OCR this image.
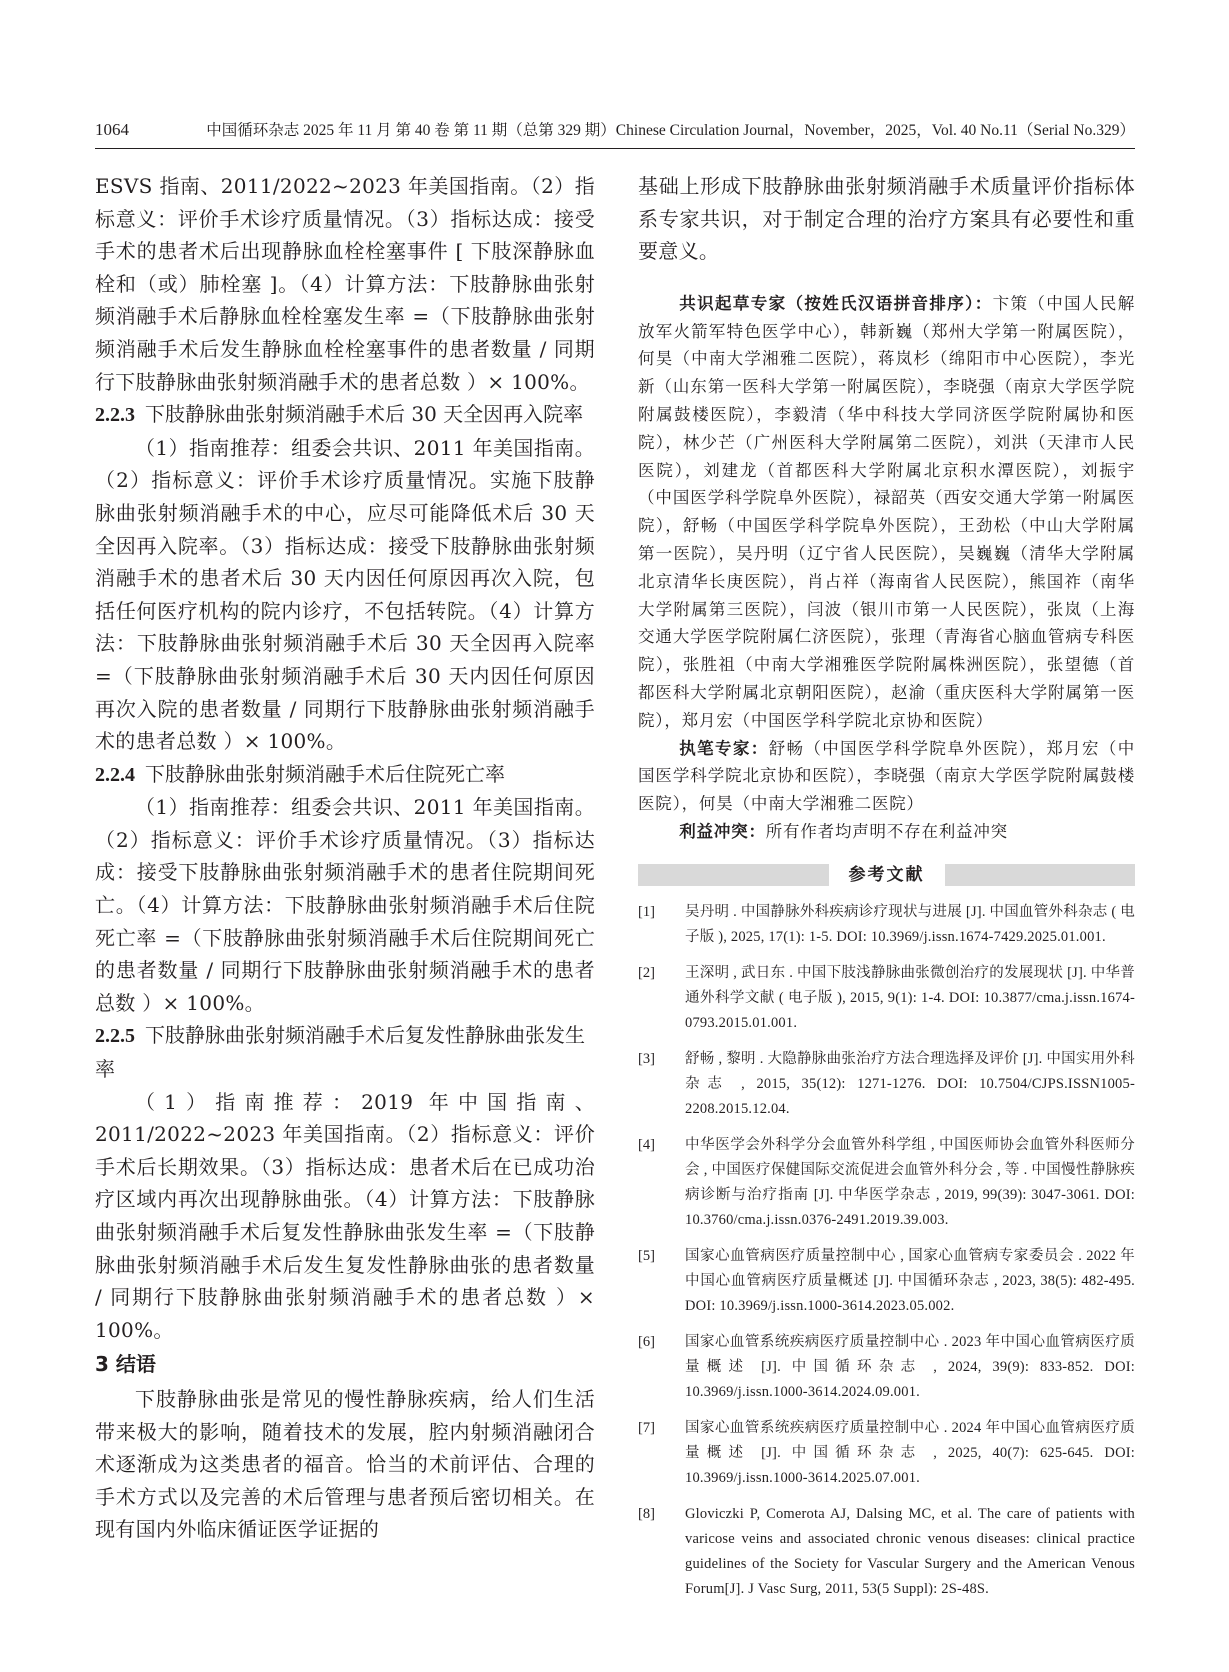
1064	中国循环杂志 2025 年 11 月 第 40 卷 第 11 期（总第 329 期）Chinese Circulation Journal，November，2025，Vol. 40 No.11（Serial No.329）

ESVS 指南、2011/2022~2023 年美国指南。（2）指标意义：评价手术诊疗质量情况。（3）指标达成：接受手术的患者术后出现静脉血栓栓塞事件 [ 下肢深静脉血栓和（或）肺栓塞 ]。（4）计算方法：下肢静脉曲张射频消融手术后静脉血栓栓塞发生率 =（下肢静脉曲张射频消融手术后发生静脉血栓栓塞事件的患者数量 / 同期行下肢静脉曲张射频消融手术的患者总数 ）× 100%。

2.2.3 下肢静脉曲张射频消融手术后 30 天全因再入院率

（1）指南推荐：组委会共识、2011 年美国指南。（2）指标意义：评价手术诊疗质量情况。实施下肢静脉曲张射频消融手术的中心，应尽可能降低术后 30 天全因再入院率。（3）指标达成：接受下肢静脉曲张射频消融手术的患者术后 30 天内因任何原因再次入院，包括任何医疗机构的院内诊疗，不包括转院。（4）计算方法：下肢静脉曲张射频消融手术后 30 天全因再入院率 =（下肢静脉曲张射频消融手术后 30 天内因任何原因再次入院的患者数量 / 同期行下肢静脉曲张射频消融手术的患者总数 ）× 100%。

2.2.4 下肢静脉曲张射频消融手术后住院死亡率

（1）指南推荐：组委会共识、2011 年美国指南。（2）指标意义：评价手术诊疗质量情况。（3）指标达成：接受下肢静脉曲张射频消融手术的患者住院期间死亡。（4）计算方法：下肢静脉曲张射频消融手术后住院死亡率 =（下肢静脉曲张射频消融手术后住院期间死亡的患者数量 / 同期行下肢静脉曲张射频消融手术的患者总数 ）× 100%。

2.2.5 下肢静脉曲张射频消融手术后复发性静脉曲张发生率

（1）指南推荐：2019 年中国指南、2011/2022~2023 年美国指南。（2）指标意义：评价手术后长期效果。（3）指标达成：患者术后在已成功治疗区域内再次出现静脉曲张。（4）计算方法：下肢静脉曲张射频消融手术后复发性静脉曲张发生率 =（下肢静脉曲张射频消融手术后发生复发性静脉曲张的患者数量 / 同期行下肢静脉曲张射频消融手术的患者总数 ）× 100%。

3 结语

下肢静脉曲张是常见的慢性静脉疾病，给人们生活带来极大的影响，随着技术的发展，腔内射频消融闭合术逐渐成为这类患者的福音。恰当的术前评估、合理的手术方式以及完善的术后管理与患者预后密切相关。在现有国内外临床循证医学证据的

基础上形成下肢静脉曲张射频消融手术质量评价指标体系专家共识，对于制定合理的治疗方案具有必要性和重要意义。

共识起草专家（按姓氏汉语拼音排序）：卞策（中国人民解放军火箭军特色医学中心），韩新巍（郑州大学第一附属医院），何昊（中南大学湘雅二医院），蒋岚杉（绵阳市中心医院），李光新（山东第一医科大学第一附属医院），李晓强（南京大学医学院附属鼓楼医院），李毅清（华中科技大学同济医学院附属协和医院），林少芒（广州医科大学附属第二医院），刘洪（天津市人民医院），刘建龙（首都医科大学附属北京积水潭医院），刘振宇（中国医学科学院阜外医院），禄韶英（西安交通大学第一附属医院），舒畅（中国医学科学院阜外医院），王劲松（中山大学附属第一医院），吴丹明（辽宁省人民医院），吴巍巍（清华大学附属北京清华长庚医院），肖占祥（海南省人民医院），熊国祚（南华大学附属第三医院），闫波（银川市第一人民医院），张岚（上海交通大学医学院附属仁济医院），张理（青海省心脑血管病专科医院），张胜祖（中南大学湘雅医学院附属株洲医院），张望德（首都医科大学附属北京朝阳医院），赵渝（重庆医科大学附属第一医院），郑月宏（中国医学科学院北京协和医院）

执笔专家：舒畅（中国医学科学院阜外医院），郑月宏（中国医学科学院北京协和医院），李晓强（南京大学医学院附属鼓楼医院），何昊（中南大学湘雅二医院）

利益冲突：所有作者均声明不存在利益冲突

参考文献
[1]	吴丹明 . 中国静脉外科疾病诊疗现状与进展 [J]. 中国血管外科杂志 ( 电子版 ), 2025, 17(1): 1-5. DOI: 10.3969/j.issn.1674-7429.2025.01.001.
[2]	王深明 , 武日东 . 中国下肢浅静脉曲张微创治疗的发展现状 [J]. 中华普通外科学文献 ( 电子版 ), 2015, 9(1): 1-4. DOI: 10.3877/cma.j.issn.1674-0793.2015.01.001.
[3]	舒畅 , 黎明 . 大隐静脉曲张治疗方法合理选择及评价 [J]. 中国实用外科杂志 , 2015, 35(12): 1271-1276. DOI: 10.7504/CJPS.ISSN1005-2208.2015.12.04.
[4]	中华医学会外科学分会血管外科学组 , 中国医师协会血管外科医师分会 , 中国医疗保健国际交流促进会血管外科分会 , 等 . 中国慢性静脉疾病诊断与治疗指南 [J]. 中华医学杂志 , 2019, 99(39): 3047-3061. DOI: 10.3760/cma.j.issn.0376-2491.2019.39.003.
[5]	国家心血管病医疗质量控制中心 , 国家心血管病专家委员会 . 2022 年中国心血管病医疗质量概述 [J]. 中国循环杂志 , 2023, 38(5): 482-495. DOI: 10.3969/j.issn.1000-3614.2023.05.002.
[6]	国家心血管系统疾病医疗质量控制中心 . 2023 年中国心血管病医疗质量概述 [J]. 中国循环杂志 , 2024, 39(9): 833-852. DOI: 10.3969/j.issn.1000-3614.2024.09.001.
[7]	国家心血管系统疾病医疗质量控制中心 . 2024 年中国心血管病医疗质量概述 [J]. 中国循环杂志 , 2025, 40(7): 625-645. DOI: 10.3969/j.issn.1000-3614.2025.07.001.
[8]	Gloviczki P, Comerota AJ, Dalsing MC, et al. The care of patients with varicose veins and associated chronic venous diseases: clinical practice guidelines of the Society for Vascular Surgery and the American Venous Forum[J]. J Vasc Surg, 2011, 53(5 Suppl): 2S-48S.
